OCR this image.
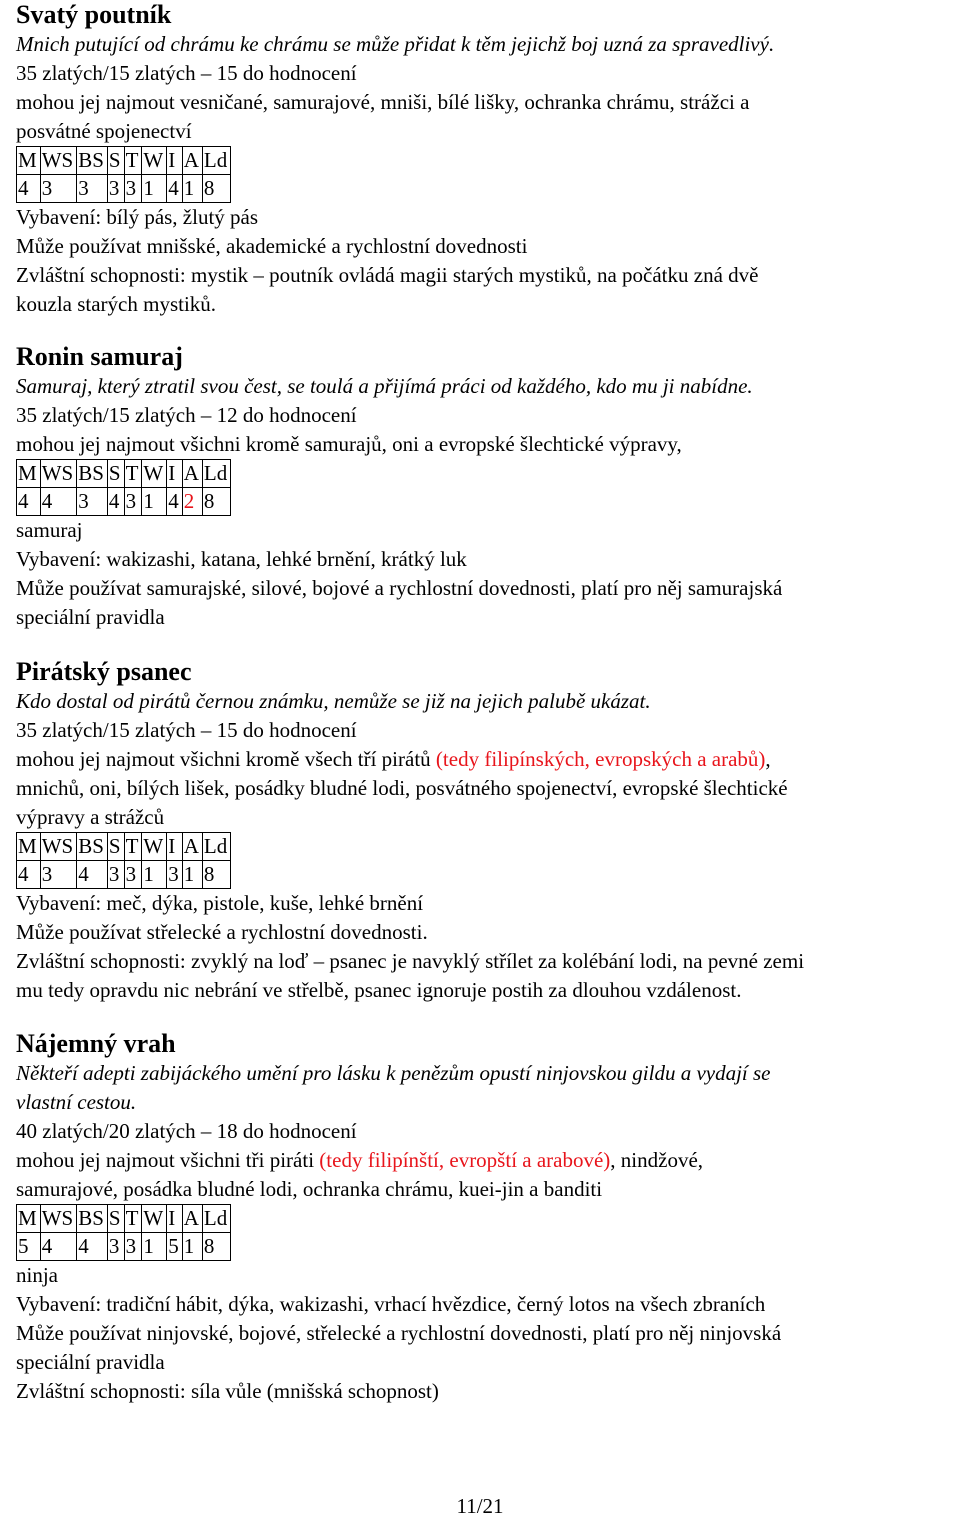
Svatý poutník
Mnich putující od chrámu ke chrámu se může přidat k těm jejichž boj uzná za spravedlivý.
35 zlatých/15 zlatých – 15 do hodnocení
mohou jej najmout vesničané, samurajové, mniši, bílé lišky, ochranka chrámu, strážci a
posvátné spojenectví
M	WS	BS	S	T	W	I	A	Ld
4	3	3	3	3	1	4	1	8
Vybavení: bílý pás, žlutý pás
Může používat mnišské, akademické a rychlostní dovednosti
Zvláštní schopnosti: mystik – poutník ovládá magii starých mystiků, na počátku zná dvě
kouzla starých mystiků.
Ronin samuraj
Samuraj, který ztratil svou čest, se toulá a přijímá práci od každého, kdo mu ji nabídne.
35 zlatých/15 zlatých – 12 do hodnocení
mohou jej najmout všichni kromě samurajů, oni a evropské šlechtické výpravy,
M	WS	BS	S	T	W	I	A	Ld
4	4	3	4	3	1	4	2	8
samuraj
Vybavení: wakizashi, katana, lehké brnění, krátký luk
Může používat samurajské, silové, bojové a rychlostní dovednosti, platí pro něj samurajská
speciální pravidla
Pirátský psanec
Kdo dostal od pirátů černou známku, nemůže se již na jejich palubě ukázat.
35 zlatých/15 zlatých – 15 do hodnocení
mohou jej najmout všichni kromě všech tří pirátů (tedy filipínských, evropských a arabů),
mnichů, oni, bílých lišek, posádky bludné lodi, posvátného spojenectví, evropské šlechtické
výpravy a strážců
M	WS	BS	S	T	W	I	A	Ld
4	3	4	3	3	1	3	1	8
Vybavení: meč, dýka, pistole, kuše, lehké brnění
Může používat střelecké a rychlostní dovednosti.
Zvláštní schopnosti: zvyklý na loď – psanec je navyklý střílet za kolébání lodi, na pevné zemi
mu tedy opravdu nic nebrání ve střelbě, psanec ignoruje postih za dlouhou vzdálenost.
Nájemný vrah
Někteří adepti zabijáckého umění pro lásku k penězům opustí ninjovskou gildu a vydají se
vlastní cestou.
40 zlatých/20 zlatých – 18 do hodnocení
mohou jej najmout všichni tři piráti (tedy filipínští, evropští a arabové), nindžové,
samurajové, posádka bludné lodi, ochranka chrámu, kuei-jin a banditi
M	WS	BS	S	T	W	I	A	Ld
5	4	4	3	3	1	5	1	8
ninja
Vybavení: tradiční hábit, dýka, wakizashi, vrhací hvězdice, černý lotos na všech zbraních
Může používat ninjovské, bojové, střelecké a rychlostní dovednosti, platí pro něj ninjovská
speciální pravidla
Zvláštní schopnosti: síla vůle (mnišská schopnost)
11/21
